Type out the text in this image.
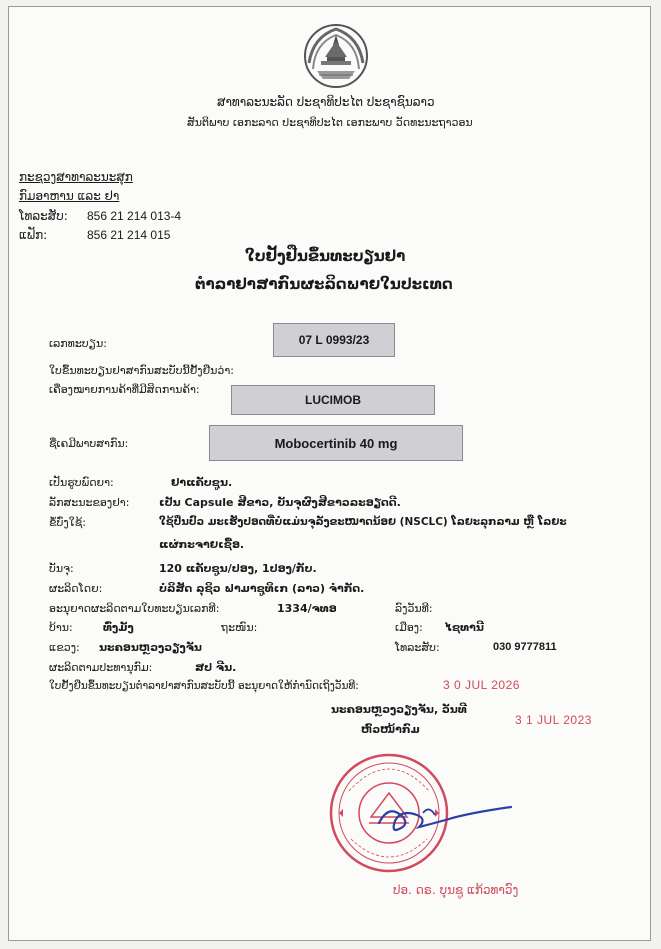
ສາທາລະນະລັດ ປະຊາທິປະໄຕ ປະຊາຊົນລາວ
ສັນຕິພາບ ເອກະລາດ ປະຊາທິປະໄຕ ເອກະພາບ ວັດທະນະຖາວອນ
ກະຊວງສາທາລະນະສຸກ
ກົມອາຫານ ແລະ ຢາ
ໂທລະສັບ: 856 21 214 013-4
ແຟັກ:	856 21 214 015
ໃບຢັ້ງຢືນຂຶ້ນທະບຽນຢາ
ຕຳລາຢາສາກົນຜະລິດພາຍໃນປະເທດ
ເລກທະບຽນ:	07 L 0993/23
ໃບຂຶ້ນທະບຽນຢາສາກົນສະບັບນີ້ຢັ້ງຢືນວ່າ:
ເຄື່ອງໝາຍການຄ້າທີ່ມີສິດການຄ້າ:
LUCIMOB
ຊື່ເຄມີພາບສາກົນ:	Mobocertinib 40 mg
ເປັນຮູບພົດຍາ:	ຢາແຄັບຊູນ.
ລັກສະນະຂອງຢາ:	ເປັນ Capsule ສີຂາວ, ບັນຈຸຜົງສີຂາວລະອຽດດີ.
ຂໍ້ບົ່ງໃຊ້:	ໃຊ້ປິ່ນປົວ ມະເຮັງປອດທີ່ບໍ່ແມ່ນຈຸລັງຂະໜາດນ້ອຍ (NSCLC) ໂລຍະລຸກລາມ ຫຼື ໂລຍະ
ແຜ່ກະຈາຍເຊື້ອ.
ບັນຈຸ:	120 ແຄັບຊູນ/ປອງ, 1ປອງ/ກັບ.
ຜະລິດໂດຍ:	ບໍລິສັດ ລຸຊິວ ຟາມາຊູທິເກ (ລາວ) ຈຳກັດ.
ອະນຸຍາດຜະລິດຕາມໃບທະບຽນເລກທີ:	1334/ຈທອ	ລົງວັນທີ:
ບ້ານ:	ທົ່ງມັງ	ຖະໜົນ:	ເມືອງ: ໄຊທານີ
ແຂວງ: ນະຄອນຫຼວງວຽງຈັນ	ໂທລະສັບ:	030 9777811
ຜະລິດຕາມປະທານຸກົມ:	ສປ ຈີນ.
ໃບຢັ້ງຢືນຂຶ້ນທະບຽນຕຳລາຢາສາກົນສະບັບນີ້ ອະນຸຍາດໃຫ້ກຳນົດເຖິງວັນທີ:	3 0 JUL 2026
ນະຄອນຫຼວງວຽງຈັນ, ວັນທີ
3 1 JUL 2023
ຫົວໜ້າກົມ
ປອ. ດຣ. ບຸນຊູ ແກ້ວທາວົງ
